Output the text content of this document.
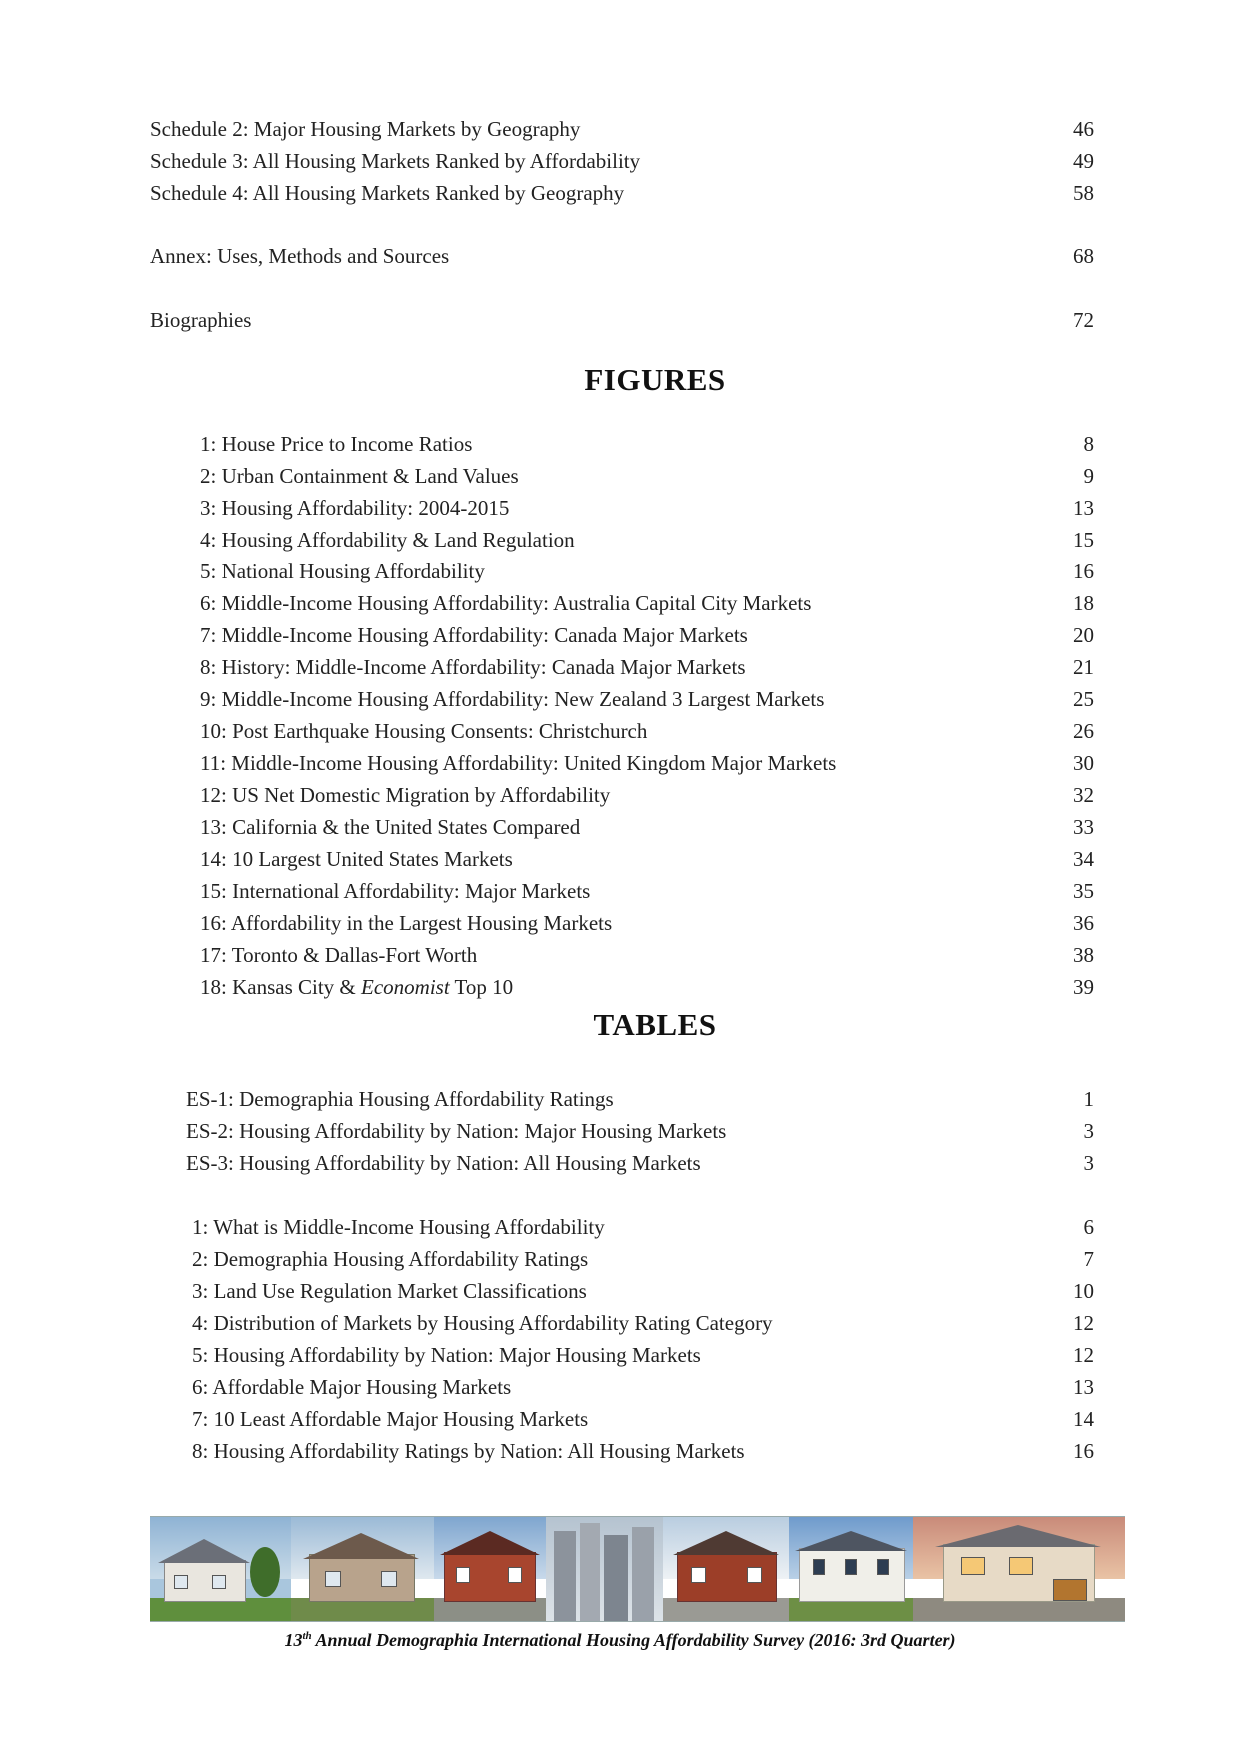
Schedule 2: Major Housing Markets by Geography	46
Schedule 3: All Housing Markets Ranked by Affordability	49
Schedule 4: All Housing Markets Ranked by Geography	58
Annex: Uses, Methods and Sources	68
Biographies	72
FIGURES
1: House Price to Income Ratios	8
2: Urban Containment & Land Values	9
3: Housing Affordability: 2004-2015	13
4: Housing Affordability & Land Regulation	15
5: National Housing Affordability	16
6: Middle-Income Housing Affordability: Australia Capital City Markets	18
7: Middle-Income Housing Affordability: Canada Major Markets	20
8: History: Middle-Income Affordability: Canada Major Markets	21
9: Middle-Income Housing Affordability: New Zealand 3 Largest Markets	25
10: Post Earthquake Housing Consents: Christchurch	26
11: Middle-Income Housing Affordability: United Kingdom Major Markets	30
12: US Net Domestic Migration by Affordability	32
13: California & the United States Compared	33
14: 10 Largest United States Markets	34
15: International Affordability: Major Markets	35
16: Affordability in the Largest Housing Markets	36
17: Toronto & Dallas-Fort Worth	38
18: Kansas City & Economist Top 10	39
TABLES
ES-1: Demographia Housing Affordability Ratings	1
ES-2: Housing Affordability by Nation: Major Housing Markets	3
ES-3: Housing Affordability by Nation: All Housing Markets	3
1: What is Middle-Income Housing Affordability	6
2: Demographia Housing Affordability Ratings	7
3: Land Use Regulation Market Classifications	10
4: Distribution of Markets by Housing Affordability Rating Category	12
5: Housing Affordability by Nation: Major Housing Markets	12
6: Affordable Major Housing Markets	13
7: 10 Least Affordable Major Housing Markets	14
8: Housing Affordability Ratings by Nation: All Housing Markets	16
13th Annual Demographia International Housing Affordability Survey (2016: 3rd Quarter)
